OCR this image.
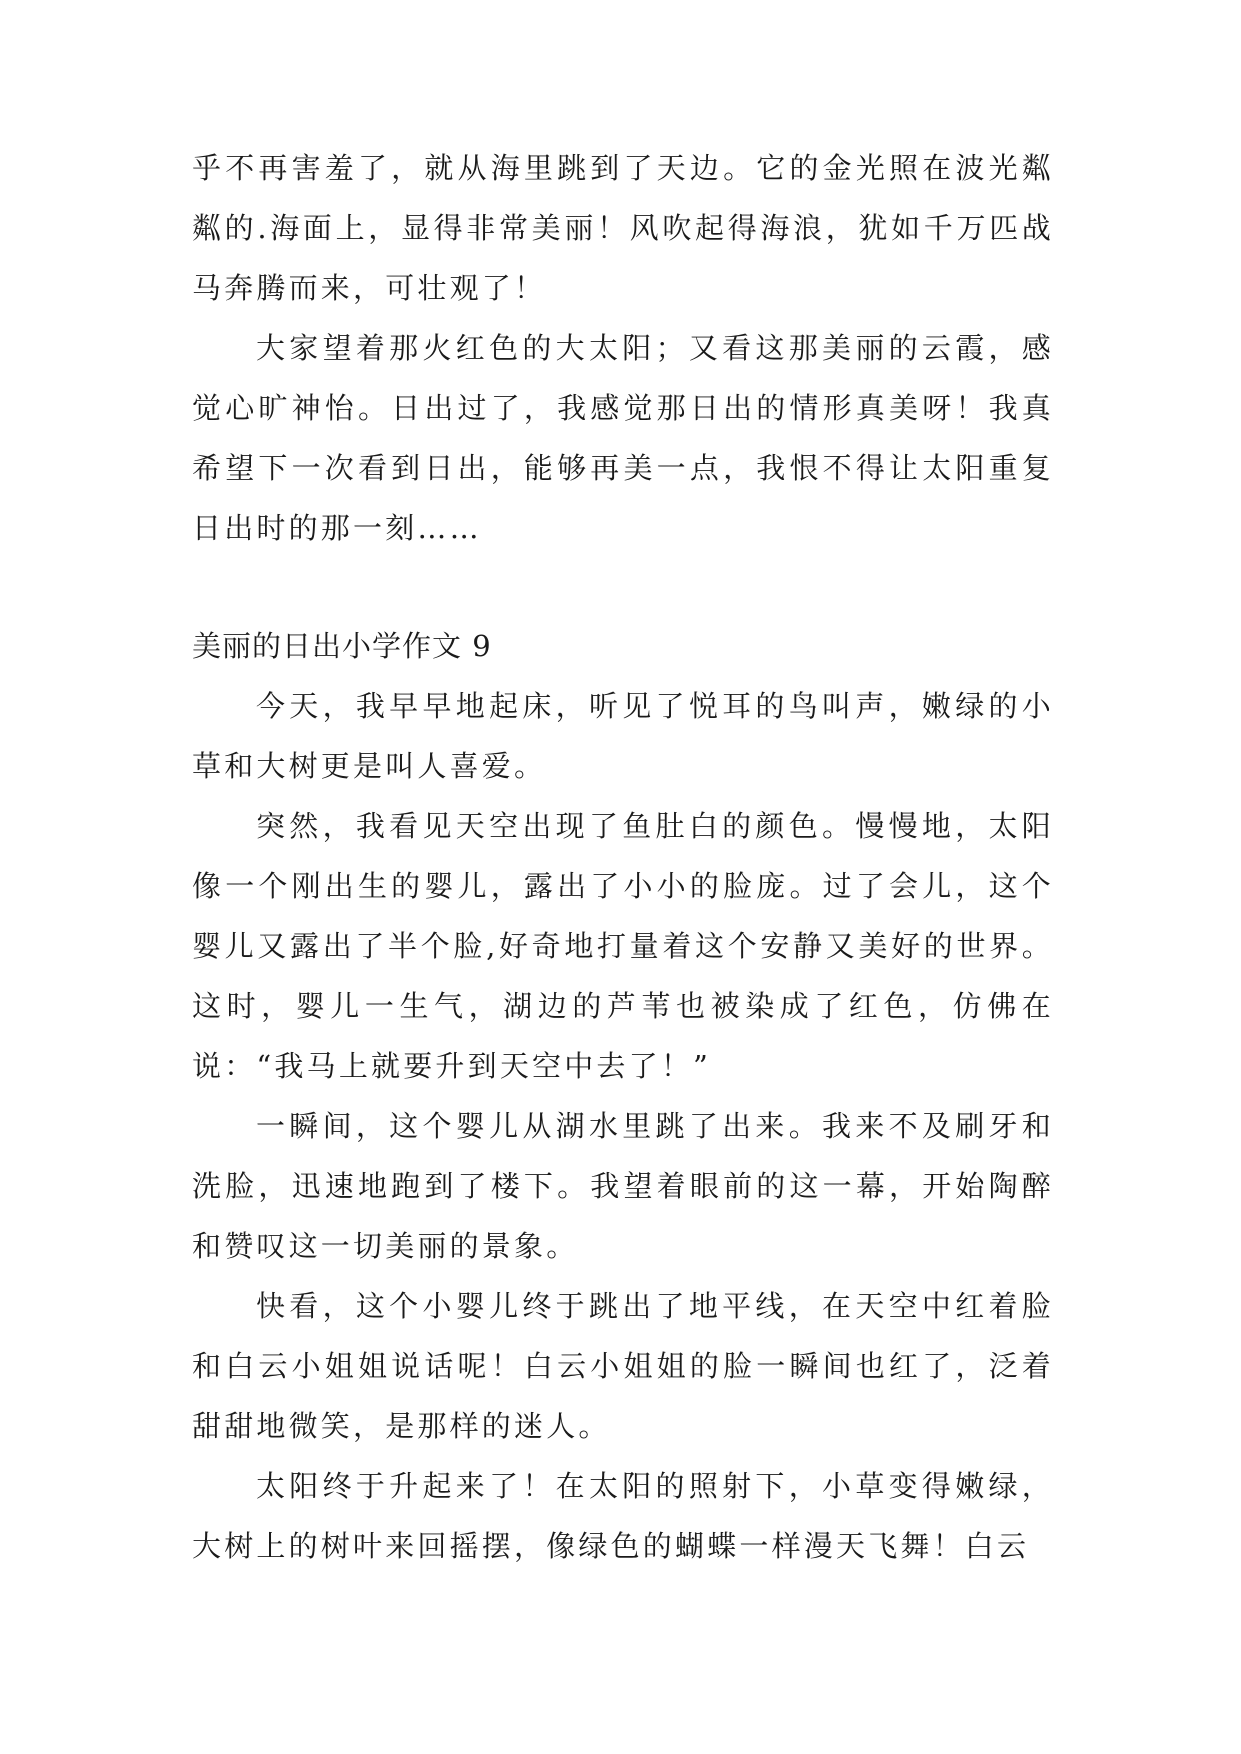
乎不再害羞了，就从海里跳到了天边。它的金光照在波光粼粼的.海面上，显得非常美丽！风吹起得海浪，犹如千万匹战马奔腾而来，可壮观了！

大家望着那火红色的大太阳；又看这那美丽的云霞，感觉心旷神怡。日出过了，我感觉那日出的情形真美呀！我真希望下一次看到日出，能够再美一点，我恨不得让太阳重复日出时的那一刻……

美丽的日出小学作文 9

今天，我早早地起床，听见了悦耳的鸟叫声，嫩绿的小草和大树更是叫人喜爱。

突然，我看见天空出现了鱼肚白的颜色。慢慢地，太阳像一个刚出生的婴儿，露出了小小的脸庞。过了会儿，这个婴儿又露出了半个脸,好奇地打量着这个安静又美好的世界。这时，婴儿一生气，湖边的芦苇也被染成了红色，仿佛在说：“我马上就要升到天空中去了！”

一瞬间，这个婴儿从湖水里跳了出来。我来不及刷牙和洗脸，迅速地跑到了楼下。我望着眼前的这一幕，开始陶醉和赞叹这一切美丽的景象。

快看，这个小婴儿终于跳出了地平线，在天空中红着脸和白云小姐姐说话呢！白云小姐姐的脸一瞬间也红了，泛着甜甜地微笑，是那样的迷人。

太阳终于升起来了！在太阳的照射下，小草变得嫩绿，大树上的树叶来回摇摆，像绿色的蝴蝶一样漫天飞舞！白云
